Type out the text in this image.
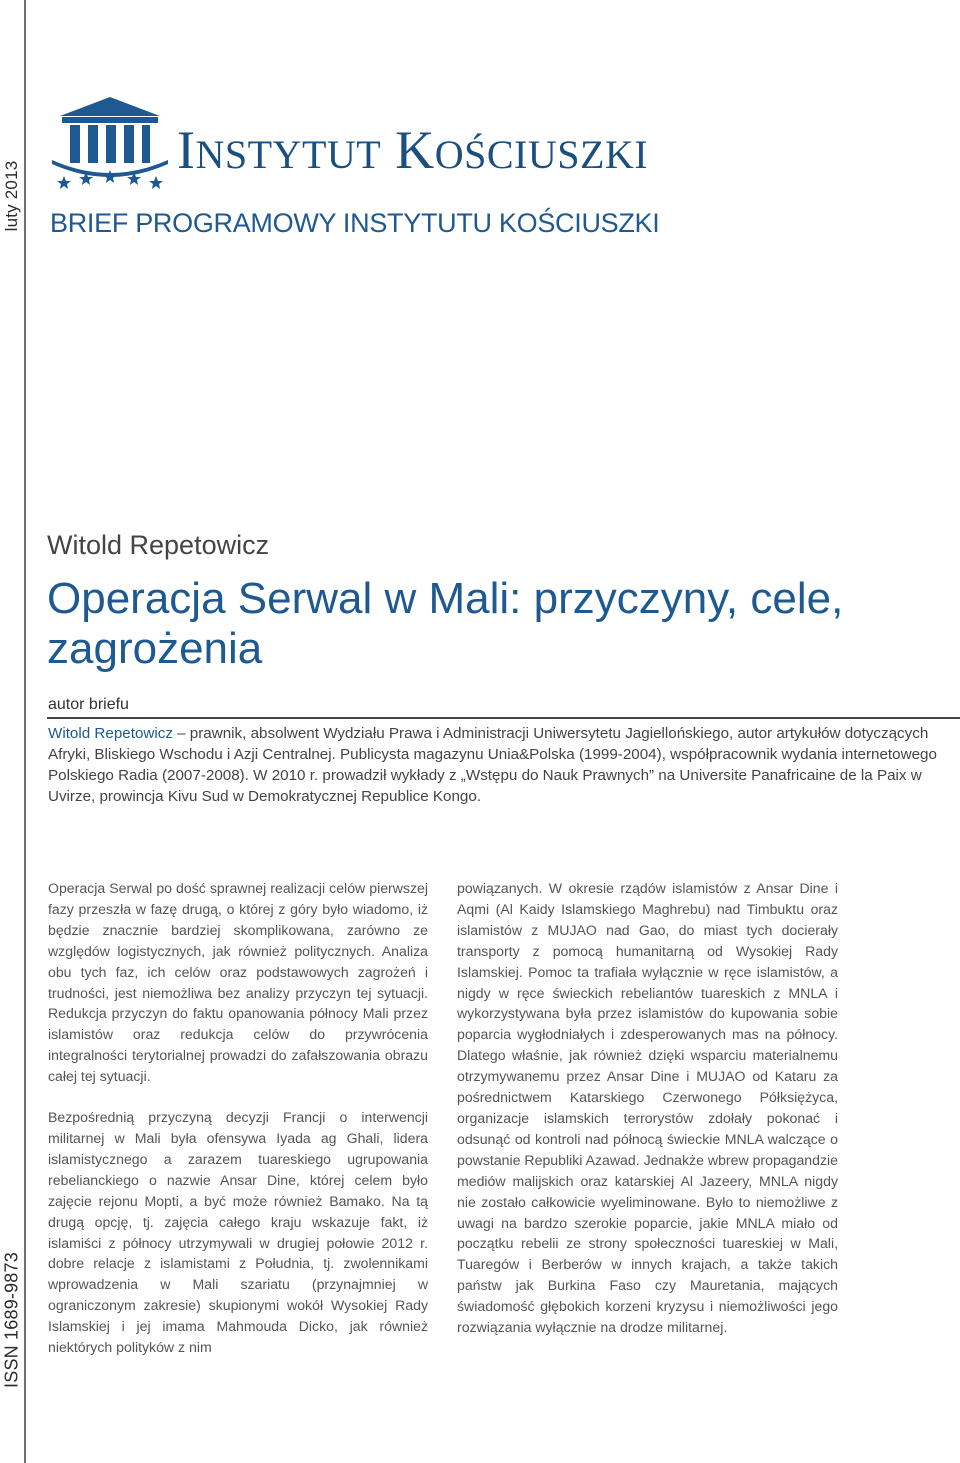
luty 2013
ISSN 1689-9873
INSTYTUT KOŚCIUSZKI
BRIEF PROGRAMOWY INSTYTUTU KOŚCIUSZKI
Witold Repetowicz
Operacja Serwal w Mali: przyczyny, cele, zagrożenia
autor briefu

Witold Repetowicz – prawnik, absolwent Wydziału Prawa i Administracji Uniwersytetu Jagiellońskiego, autor artykułów dotyczących Afryki, Bliskiego Wschodu i Azji Centralnej. Publicysta magazynu Unia&Polska (1999-2004), współpracownik wydania internetowego Polskiego Radia (2007-2008). W 2010 r. prowadził wykłady z „Wstępu do Nauk Prawnych” na Universite Panafricaine de la Paix w Uvirze, prowincja Kivu Sud w Demokratycznej Republice Kongo.

Operacja Serwal po dość sprawnej realizacji celów pierwszej fazy przeszła w fazę drugą, o której z góry było wiadomo, iż będzie znacznie bardziej skomplikowana, zarówno ze względów logistycznych, jak również politycznych. Analiza obu tych faz, ich celów oraz podstawowych zagrożeń i trudności, jest niemożliwa bez analizy przyczyn tej sytuacji. Redukcja przyczyn do faktu opanowania północy Mali przez islamistów oraz redukcja celów do przywrócenia integralności terytorialnej prowadzi do zafałszowania obrazu całej tej sytuacji.

Bezpośrednią przyczyną decyzji Francji o interwencji militarnej w Mali była ofensywa Iyada ag Ghali, lidera islamistycznego a zarazem tuareskiego ugrupowania rebelianckiego o nazwie Ansar Dine, której celem było zajęcie rejonu Mopti, a być może również Bamako. Na tą drugą opcję, tj. zajęcia całego kraju wskazuje fakt, iż islamiści z północy utrzymywali w drugiej połowie 2012 r. dobre relacje z islamistami z Południa, tj. zwolennikami wprowadzenia w Mali szariatu (przynajmniej w ograniczonym zakresie) skupionymi wokół Wysokiej Rady Islamskiej i jej imama Mahmouda Dicko, jak również niektórych polityków z nim

powiązanych. W okresie rządów islamistów z Ansar Dine i Aqmi (Al Kaidy Islamskiego Maghrebu) nad Timbuktu oraz islamistów z MUJAO nad Gao, do miast tych docierały transporty z pomocą humanitarną od Wysokiej Rady Islamskiej. Pomoc ta trafiała wyłącznie w ręce islamistów, a nigdy w ręce świeckich rebeliantów tuareskich z MNLA i wykorzystywana była przez islamistów do kupowania sobie poparcia wygłodniałych i zdesperowanych mas na północy. Dlatego właśnie, jak również dzięki wsparciu materialnemu otrzymywanemu przez Ansar Dine i MUJAO od Kataru za pośrednictwem Katarskiego Czerwonego Półksiężyca, organizacje islamskich terrorystów zdołały pokonać i odsunąć od kontroli nad północą świeckie MNLA walczące o powstanie Republiki Azawad. Jednakże wbrew propagandzie mediów malijskich oraz katarskiej Al Jazeery, MNLA nigdy nie zostało całkowicie wyeliminowane. Było to niemożliwe z uwagi na bardzo szerokie poparcie, jakie MNLA miało od początku rebelii ze strony społeczności tuareskiej w Mali, Tuaregów i Berberów w innych krajach, a także takich państw jak Burkina Faso czy Mauretania, mających świadomość głębokich korzeni kryzysu i niemożliwości jego rozwiązania wyłącznie na drodze militarnej.
